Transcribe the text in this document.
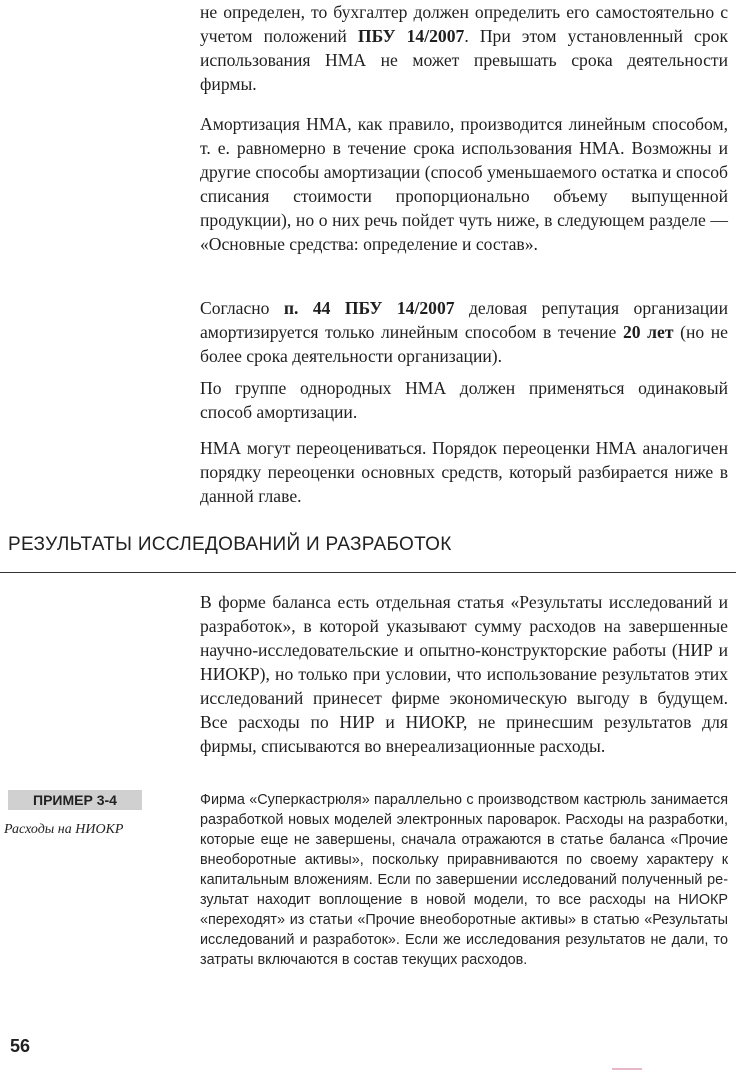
не определен, то бухгалтер должен определить его самостоятельно с учетом положений ПБУ 14/2007. При этом установленный срок использования НМА не может превышать срока деятельности фирмы.

Амортизация НМА, как правило, производится линейным способом, т. е. равномерно в течение срока использования НМА. Возможны и другие способы амортизации (способ уменьшаемого остатка и способ списания стоимости пропорционально объему выпущенной продукции), но о них речь пойдет чуть ниже, в следующем разделе — «Основные средства: определение и состав».

Согласно п. 44 ПБУ 14/2007 деловая репутация организации амортизируется только линейным способом в течение 20 лет (но не более срока деятельности организации).

По группе однородных НМА должен применяться одинаковый способ амортизации.

НМА могут переоцениваться. Порядок переоценки НМА аналогичен порядку переоценки основных средств, который разбирается ниже в данной главе.

РЕЗУЛЬТАТЫ ИССЛЕДОВАНИЙ И РАЗРАБОТОК

В форме баланса есть отдельная статья «Результаты исследований и разработок», в которой указывают сумму расходов на завершенные научно-исследовательские и опытно-конструкторские работы (НИР и НИОКР), но только при условии, что использование результатов этих исследований принесет фирме экономическую выгоду в будущем. Все расходы по НИР и НИОКР, не принесшим результатов для фирмы, списываются во внереализационные расходы.

ПРИМЕР 3-4
Расходы на НИОКР

Фирма «Суперкастрюля» параллельно с производством кастрюль занимается разработкой новых моделей электронных пароварок. Расходы на разработки, которые еще не завершены, сначала отражаются в статье баланса «Прочие внеоборотные активы», поскольку приравниваются по своему характеру к капитальным вложениям. Если по завершении исследований полученный результат находит воплощение в новой модели, то все расходы на НИОКР «переходят» из статьи «Прочие внеоборотные активы» в статью «Результаты исследований и разработок». Если же исследования результатов не дали, то затраты включаются в состав текущих расходов.

56
